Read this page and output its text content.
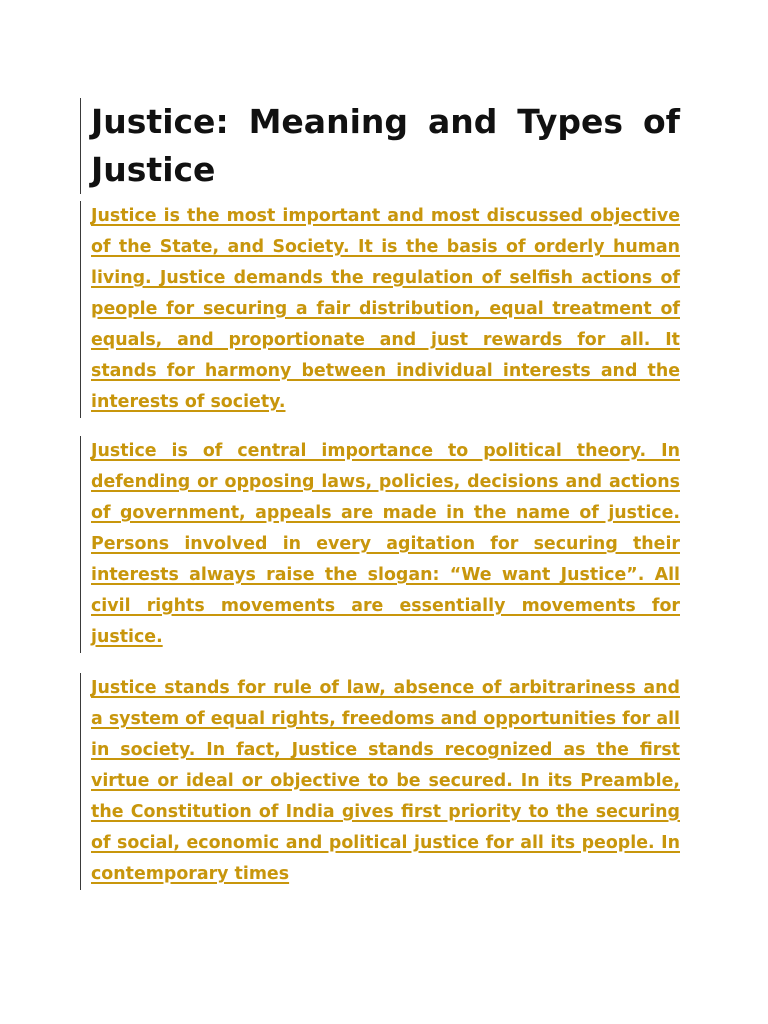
Justice: Meaning and Types of Justice

Justice is the most important and most discussed objective of the State, and Society. It is the basis of orderly human living. Justice demands the regulation of selfish actions of people for securing a fair distribution, equal treatment of equals, and proportionate and just rewards for all. It stands for harmony between individual interests and the interests of society.

Justice is of central importance to political theory. In defending or opposing laws, policies, decisions and actions of government, appeals are made in the name of justice. Persons involved in every agitation for securing their interests always raise the slogan: “We want Justice”. All civil rights movements are essentially movements for justice.

Justice stands for rule of law, absence of arbitrariness and a system of equal rights, freedoms and opportunities for all in society. In fact, Justice stands recognized as the first virtue or ideal or objective to be secured. In its Preamble, the Constitution of India gives first priority to the securing of social, economic and political justice for all its people. In contemporary times
